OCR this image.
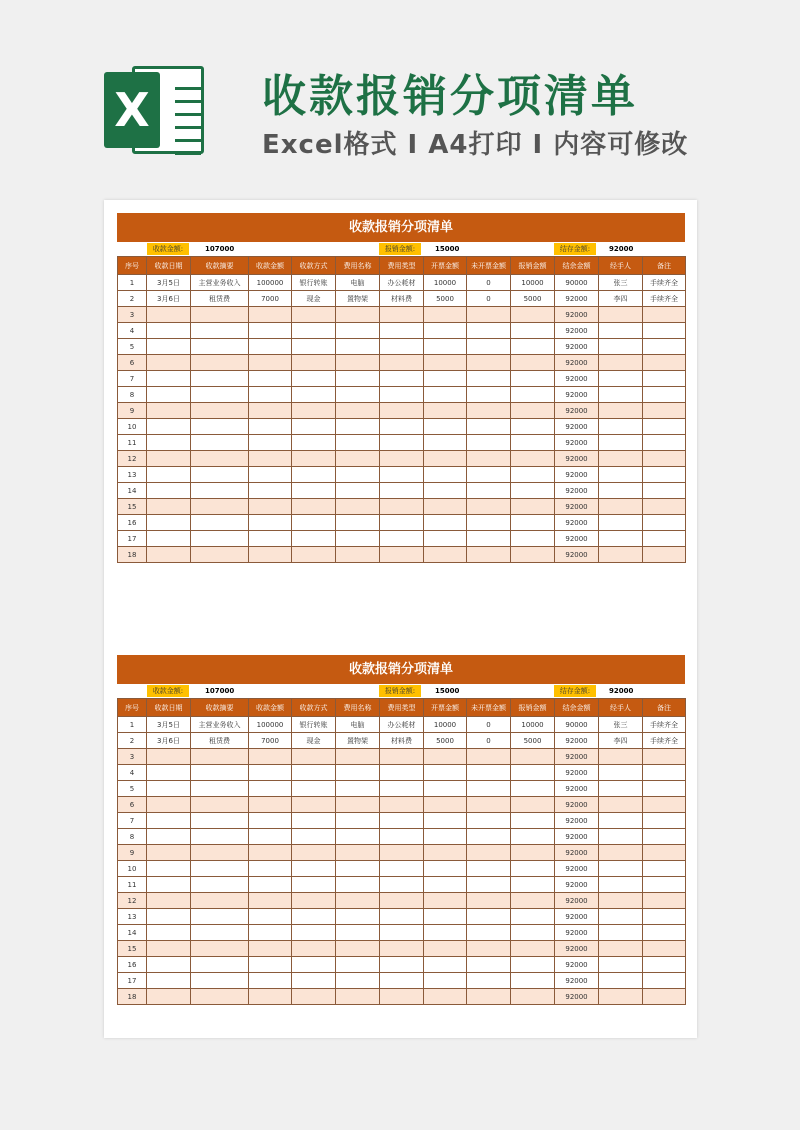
X	收款报销分项清单
Excel格式 I A4打印 I 内容可修改
收款报销分项清单
收款金额:	107000	报销金额:	15000	结存金额:	92000
序号	收款日期	收款摘要	收款金额	收款方式	费用名称	费用类型	开票金额	未开票金额	报销金额	结余金额	经手人	备注
1	3月5日	主营业务收入	100000	银行转账	电脑	办公耗材	10000	0	10000	90000	张三	手续齐全
2	3月6日	租赁费	7000	现金	置物架	材料费	5000	0	5000	92000	李四	手续齐全
3										92000		
4										92000		
5										92000		
6										92000		
7										92000		
8										92000		
9										92000		
10										92000		
11										92000		
12										92000		
13										92000		
14										92000		
15										92000		
16										92000		
17										92000		
18										92000		
收款报销分项清单
收款金额:	107000	报销金额:	15000	结存金额:	92000
序号	收款日期	收款摘要	收款金额	收款方式	费用名称	费用类型	开票金额	未开票金额	报销金额	结余金额	经手人	备注
1	3月5日	主营业务收入	100000	银行转账	电脑	办公耗材	10000	0	10000	90000	张三	手续齐全
2	3月6日	租赁费	7000	现金	置物架	材料费	5000	0	5000	92000	李四	手续齐全
3										92000		
4										92000		
5										92000		
6										92000		
7										92000		
8										92000		
9										92000		
10										92000		
11										92000		
12										92000		
13										92000		
14										92000		
15										92000		
16										92000		
17										92000		
18										92000		
